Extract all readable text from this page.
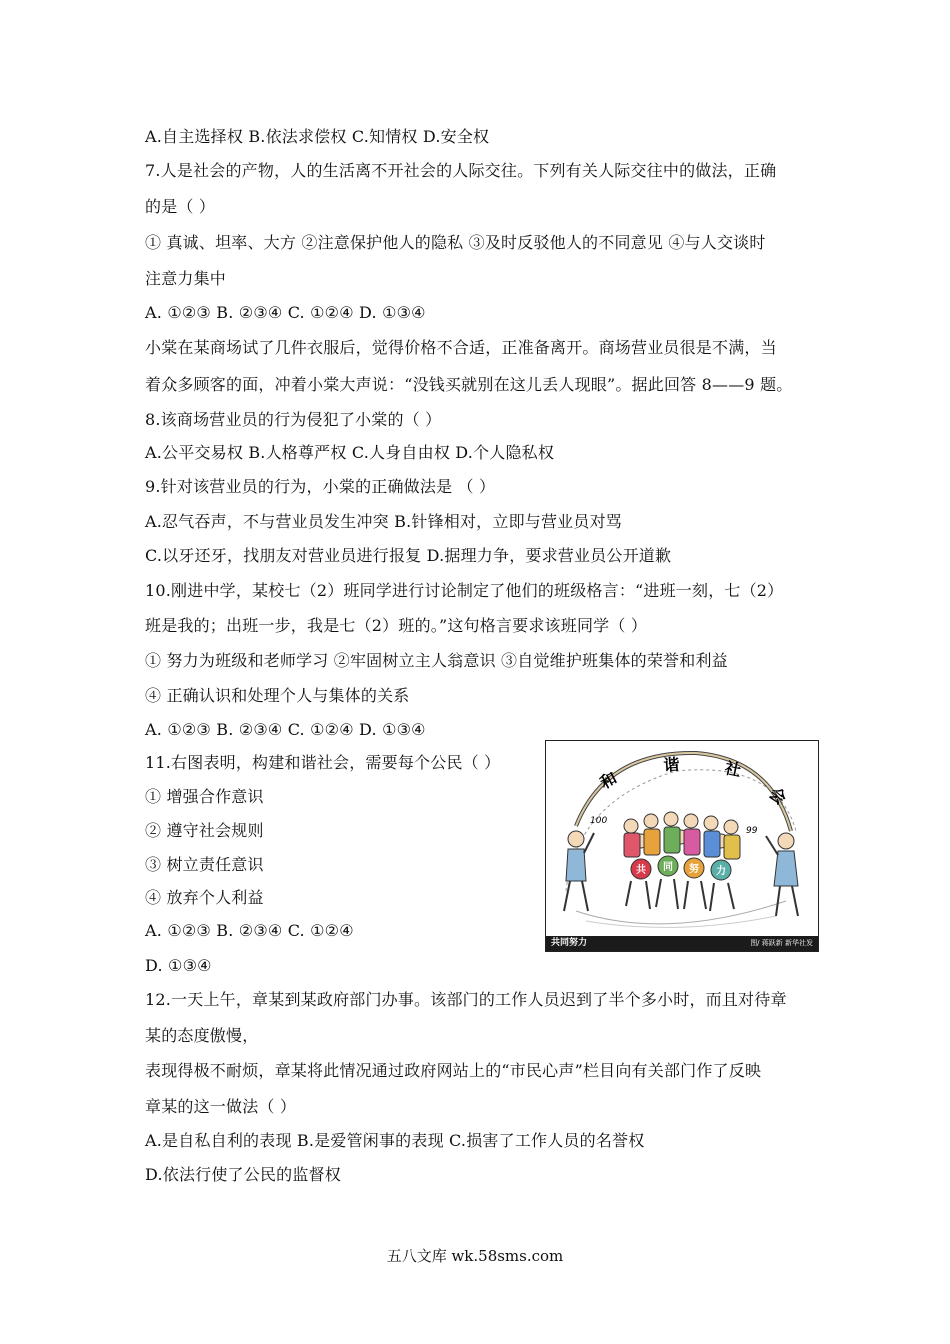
A.自主选择权 B.依法求偿权 C.知情权 D.安全权
7.人是社会的产物，人的生活离不开社会的人际交往。下列有关人际交往中的做法，正确
的是（ ）
① 真诚、坦率、大方 ②注意保护他人的隐私 ③及时反驳他人的不同意见 ④与人交谈时
注意力集中
A. ①②③ B. ②③④ C. ①②④ D. ①③④
小棠在某商场试了几件衣服后，觉得价格不合适，正准备离开。商场营业员很是不满，当
着众多顾客的面，冲着小棠大声说：“没钱买就别在这儿丢人现眼”。据此回答 8——9 题。
8.该商场营业员的行为侵犯了小棠的（ ）
A.公平交易权 B.人格尊严权 C.人身自由权 D.个人隐私权
9.针对该营业员的行为，小棠的正确做法是 （ ）
A.忍气吞声，不与营业员发生冲突 B.针锋相对，立即与营业员对骂
C.以牙还牙，找朋友对营业员进行报复 D.据理力争，要求营业员公开道歉
10.刚进中学，某校七（2）班同学进行讨论制定了他们的班级格言：“进班一刻，七（2）
班是我的；出班一步，我是七（2）班的。”这句格言要求该班同学（ ）
① 努力为班级和老师学习 ②牢固树立主人翁意识 ③自觉维护班集体的荣誉和利益
④ 正确认识和处理个人与集体的关系
A. ①②③ B. ②③④ C. ①②④ D. ①③④
11.右图表明，构建和谐社会，需要每个公民（ ）
① 增强合作意识
② 遵守社会规则
③ 树立责任意识
④ 放弃个人利益
A. ①②③ B. ②③④ C. ①②④
D. ①③④
12.一天上午，章某到某政府部门办事。该部门的工作人员迟到了半个多小时，而且对待章
某的态度傲慢，
表现得极不耐烦，章某将此情况通过政府网站上的“市民心声”栏目向有关部门作了反映
章某的这一做法（ ）
A.是自私自利的表现 B.是爱管闲事的表现 C.损害了工作人员的名誉权
D.依法行使了公民的监督权
和
谐	社
会
100
99
共 同 努 力
共同努力	图/ 蒋跃新 新华社发
五八文库 wk.58sms.com
